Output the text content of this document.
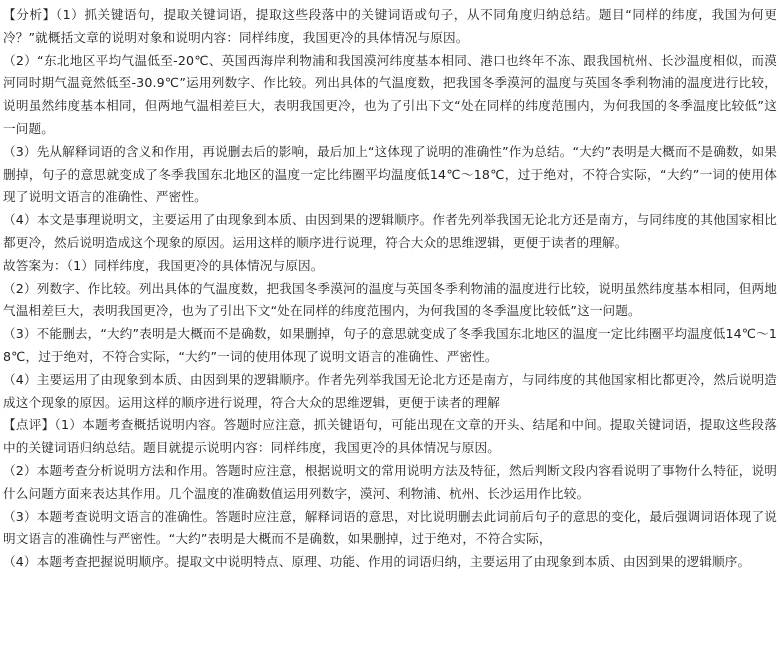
【分析】（1）抓关键语句，提取关键词语，提取这些段落中的关键词语或句子，从不同角度归纳总结。题目“同样的纬度，我国为何更冷？”就概括文章的说明对象和说明内容：同样纬度，我国更冷的具体情况与原因。

（2）“东北地区平均气温低至-20℃、英国西海岸利物浦和我国漠河纬度基本相同、港口也终年不冻、跟我国杭州、长沙温度相似，而漠河同时期气温竟然低至-30.9℃”运用列数字、作比较。列出具体的气温度数，把我国冬季漠河的温度与英国冬季利物浦的温度进行比较，说明虽然纬度基本相同，但两地气温相差巨大，表明我国更冷，也为了引出下文“处在同样的纬度范围内，为何我国的冬季温度比较低”这一问题。

（3）先从解释词语的含义和作用，再说删去后的影响，最后加上“这体现了说明的准确性”作为总结。“大约”表明是大概而不是确数，如果删掉，句子的意思就变成了冬季我国东北地区的温度一定比纬圈平均温度低14℃～18℃，过于绝对，不符合实际，“大约”一词的使用体现了说明文语言的准确性、严密性。

（4）本文是事理说明文，主要运用了由现象到本质、由因到果的逻辑顺序。作者先列举我国无论北方还是南方，与同纬度的其他国家相比都更冷，然后说明造成这个现象的原因。运用这样的顺序进行说理，符合大众的思维逻辑，更便于读者的理解。

故答案为：（1）同样纬度，我国更冷的具体情况与原因。

（2）列数字、作比较。列出具体的气温度数，把我国冬季漠河的温度与英国冬季利物浦的温度进行比较，说明虽然纬度基本相同，但两地气温相差巨大，表明我国更冷，也为了引出下文“处在同样的纬度范围内，为何我国的冬季温度比较低”这一问题。

（3）不能删去，“大约”表明是大概而不是确数，如果删掉，句子的意思就变成了冬季我国东北地区的温度一定比纬圈平均温度低14℃～18℃，过于绝对，不符合实际，“大约”一词的使用体现了说明文语言的准确性、严密性。

（4）主要运用了由现象到本质、由因到果的逻辑顺序。作者先列举我国无论北方还是南方，与同纬度的其他国家相比都更冷，然后说明造成这个现象的原因。运用这样的顺序进行说理，符合大众的思维逻辑，更便于读者的理解

【点评】（1）本题考查概括说明内容。答题时应注意，抓关键语句，可能出现在文章的开头、结尾和中间。提取关键词语，提取这些段落中的关键词语归纳总结。题目就提示说明内容：同样纬度，我国更冷的具体情况与原因。

（2）本题考查分析说明方法和作用。答题时应注意，根据说明文的常用说明方法及特征，然后判断文段内容看说明了事物什么特征，说明什么问题方面来表达其作用。几个温度的准确数值运用列数字，漠河、利物浦、杭州、长沙运用作比较。

（3）本题考查说明文语言的准确性。答题时应注意，解释词语的意思，对比说明删去此词前后句子的意思的变化，最后强调词语体现了说明文语言的准确性与严密性。“大约”表明是大概而不是确数，如果删掉，过于绝对，不符合实际，

（4）本题考查把握说明顺序。提取文中说明特点、原理、功能、作用的词语归纳，主要运用了由现象到本质、由因到果的逻辑顺序。
